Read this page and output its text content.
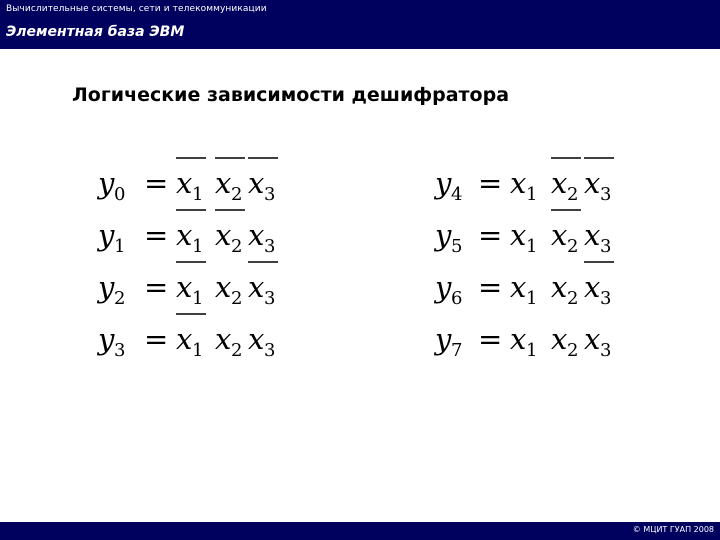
Вычислительные системы, сети и телекоммуникации
Элементная база ЭВМ
Логические зависимости дешифратора
y 0 = x 1 x 2 x 3
y 1 = x 1 x 2 x 3
y 2 = x 1 x 2 x 3
y 3 = x 1 x 2 x 3
y 4 = x 1 x 2 x 3
y 5 = x 1 x 2 x 3
y 6 = x 1 x 2 x 3
y 7 = x 1 x 2 x 3
© МЦИТ ГУАП 2008
